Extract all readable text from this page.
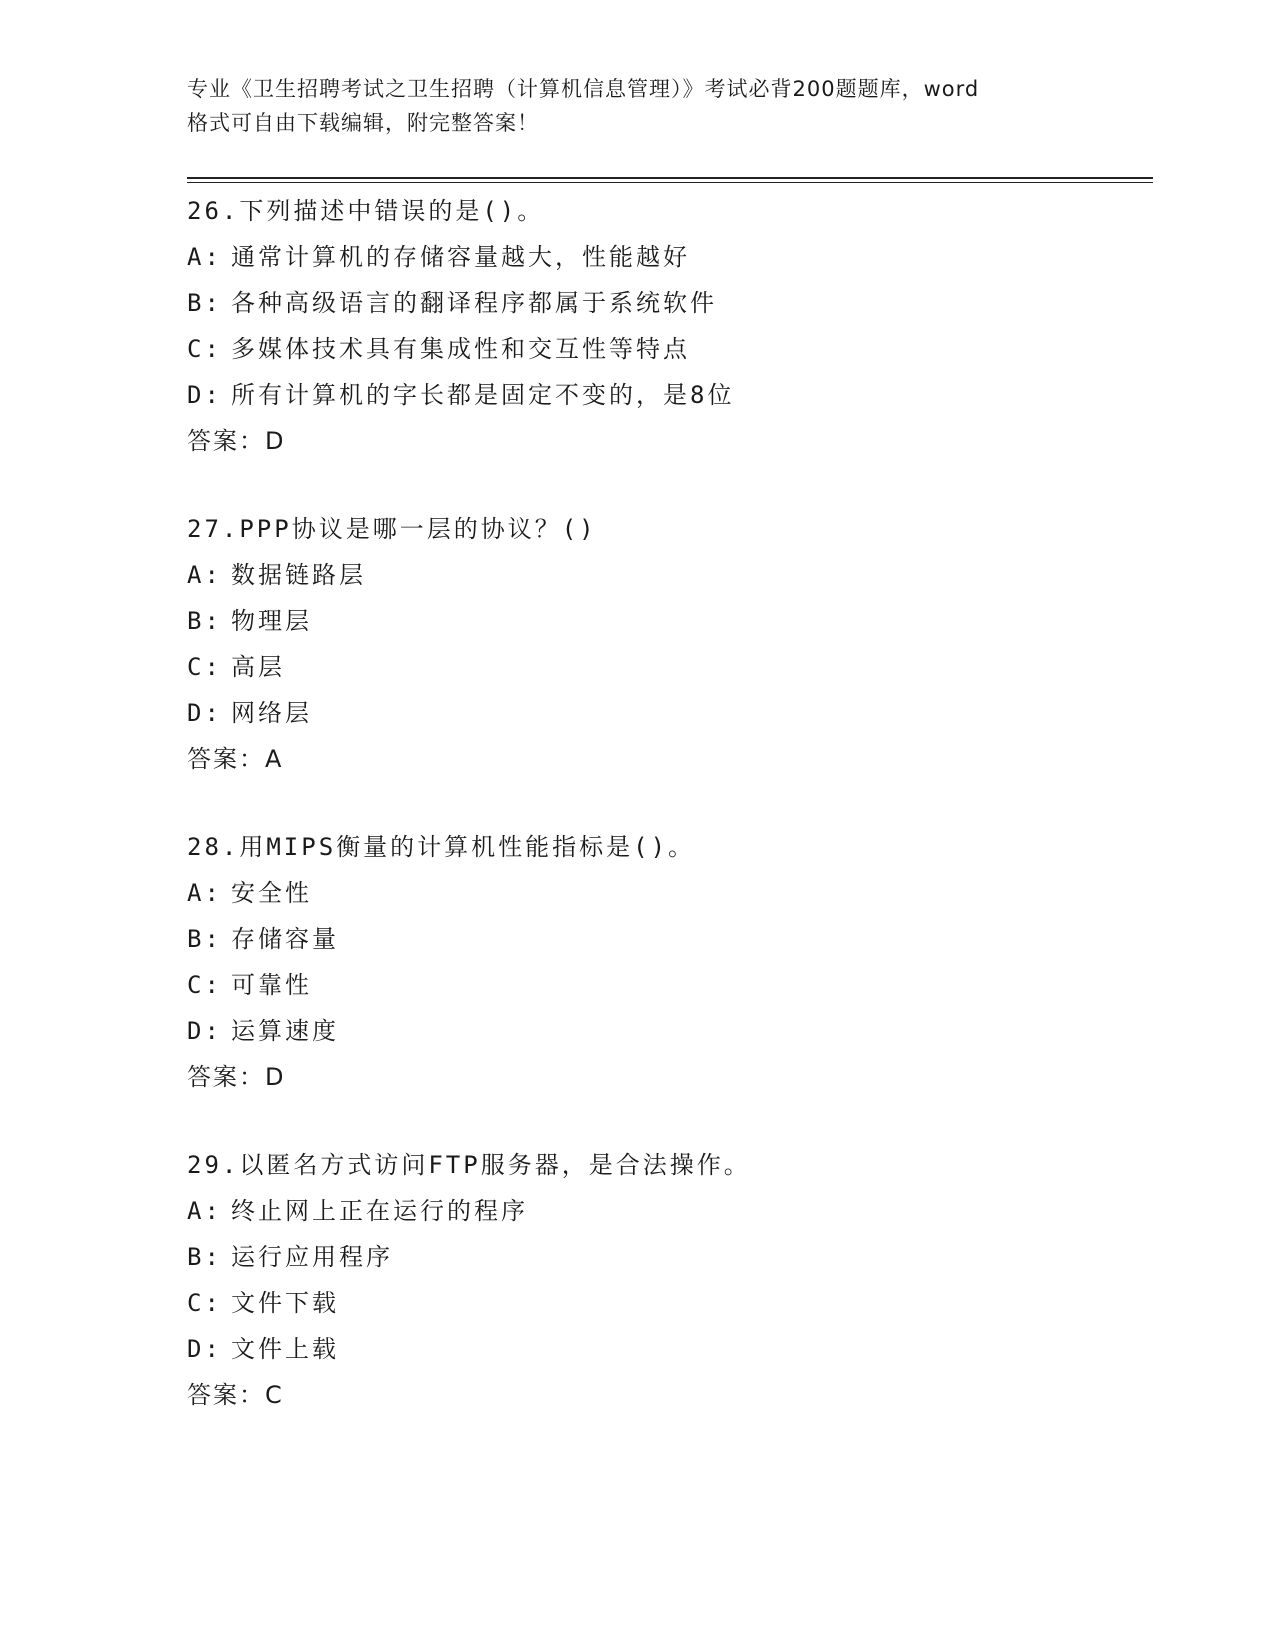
专业《卫生招聘考试之卫生招聘（计算机信息管理）》考试必背200题题库，word
格式可自由下载编辑，附完整答案！
26.下列描述中错误的是()。
A: 通常计算机的存储容量越大，性能越好
B: 各种高级语言的翻译程序都属于系统软件
C: 多媒体技术具有集成性和交互性等特点
D: 所有计算机的字长都是固定不变的，是8位
答案：D
27.PPP协议是哪一层的协议？()
A: 数据链路层
B: 物理层
C: 高层
D: 网络层
答案：A
28.用MIPS衡量的计算机性能指标是()。
A: 安全性
B: 存储容量
C: 可靠性
D: 运算速度
答案：D
29.以匿名方式访问FTP服务器，是合法操作。
A: 终止网上正在运行的程序
B: 运行应用程序
C: 文件下载
D: 文件上载
答案：C
